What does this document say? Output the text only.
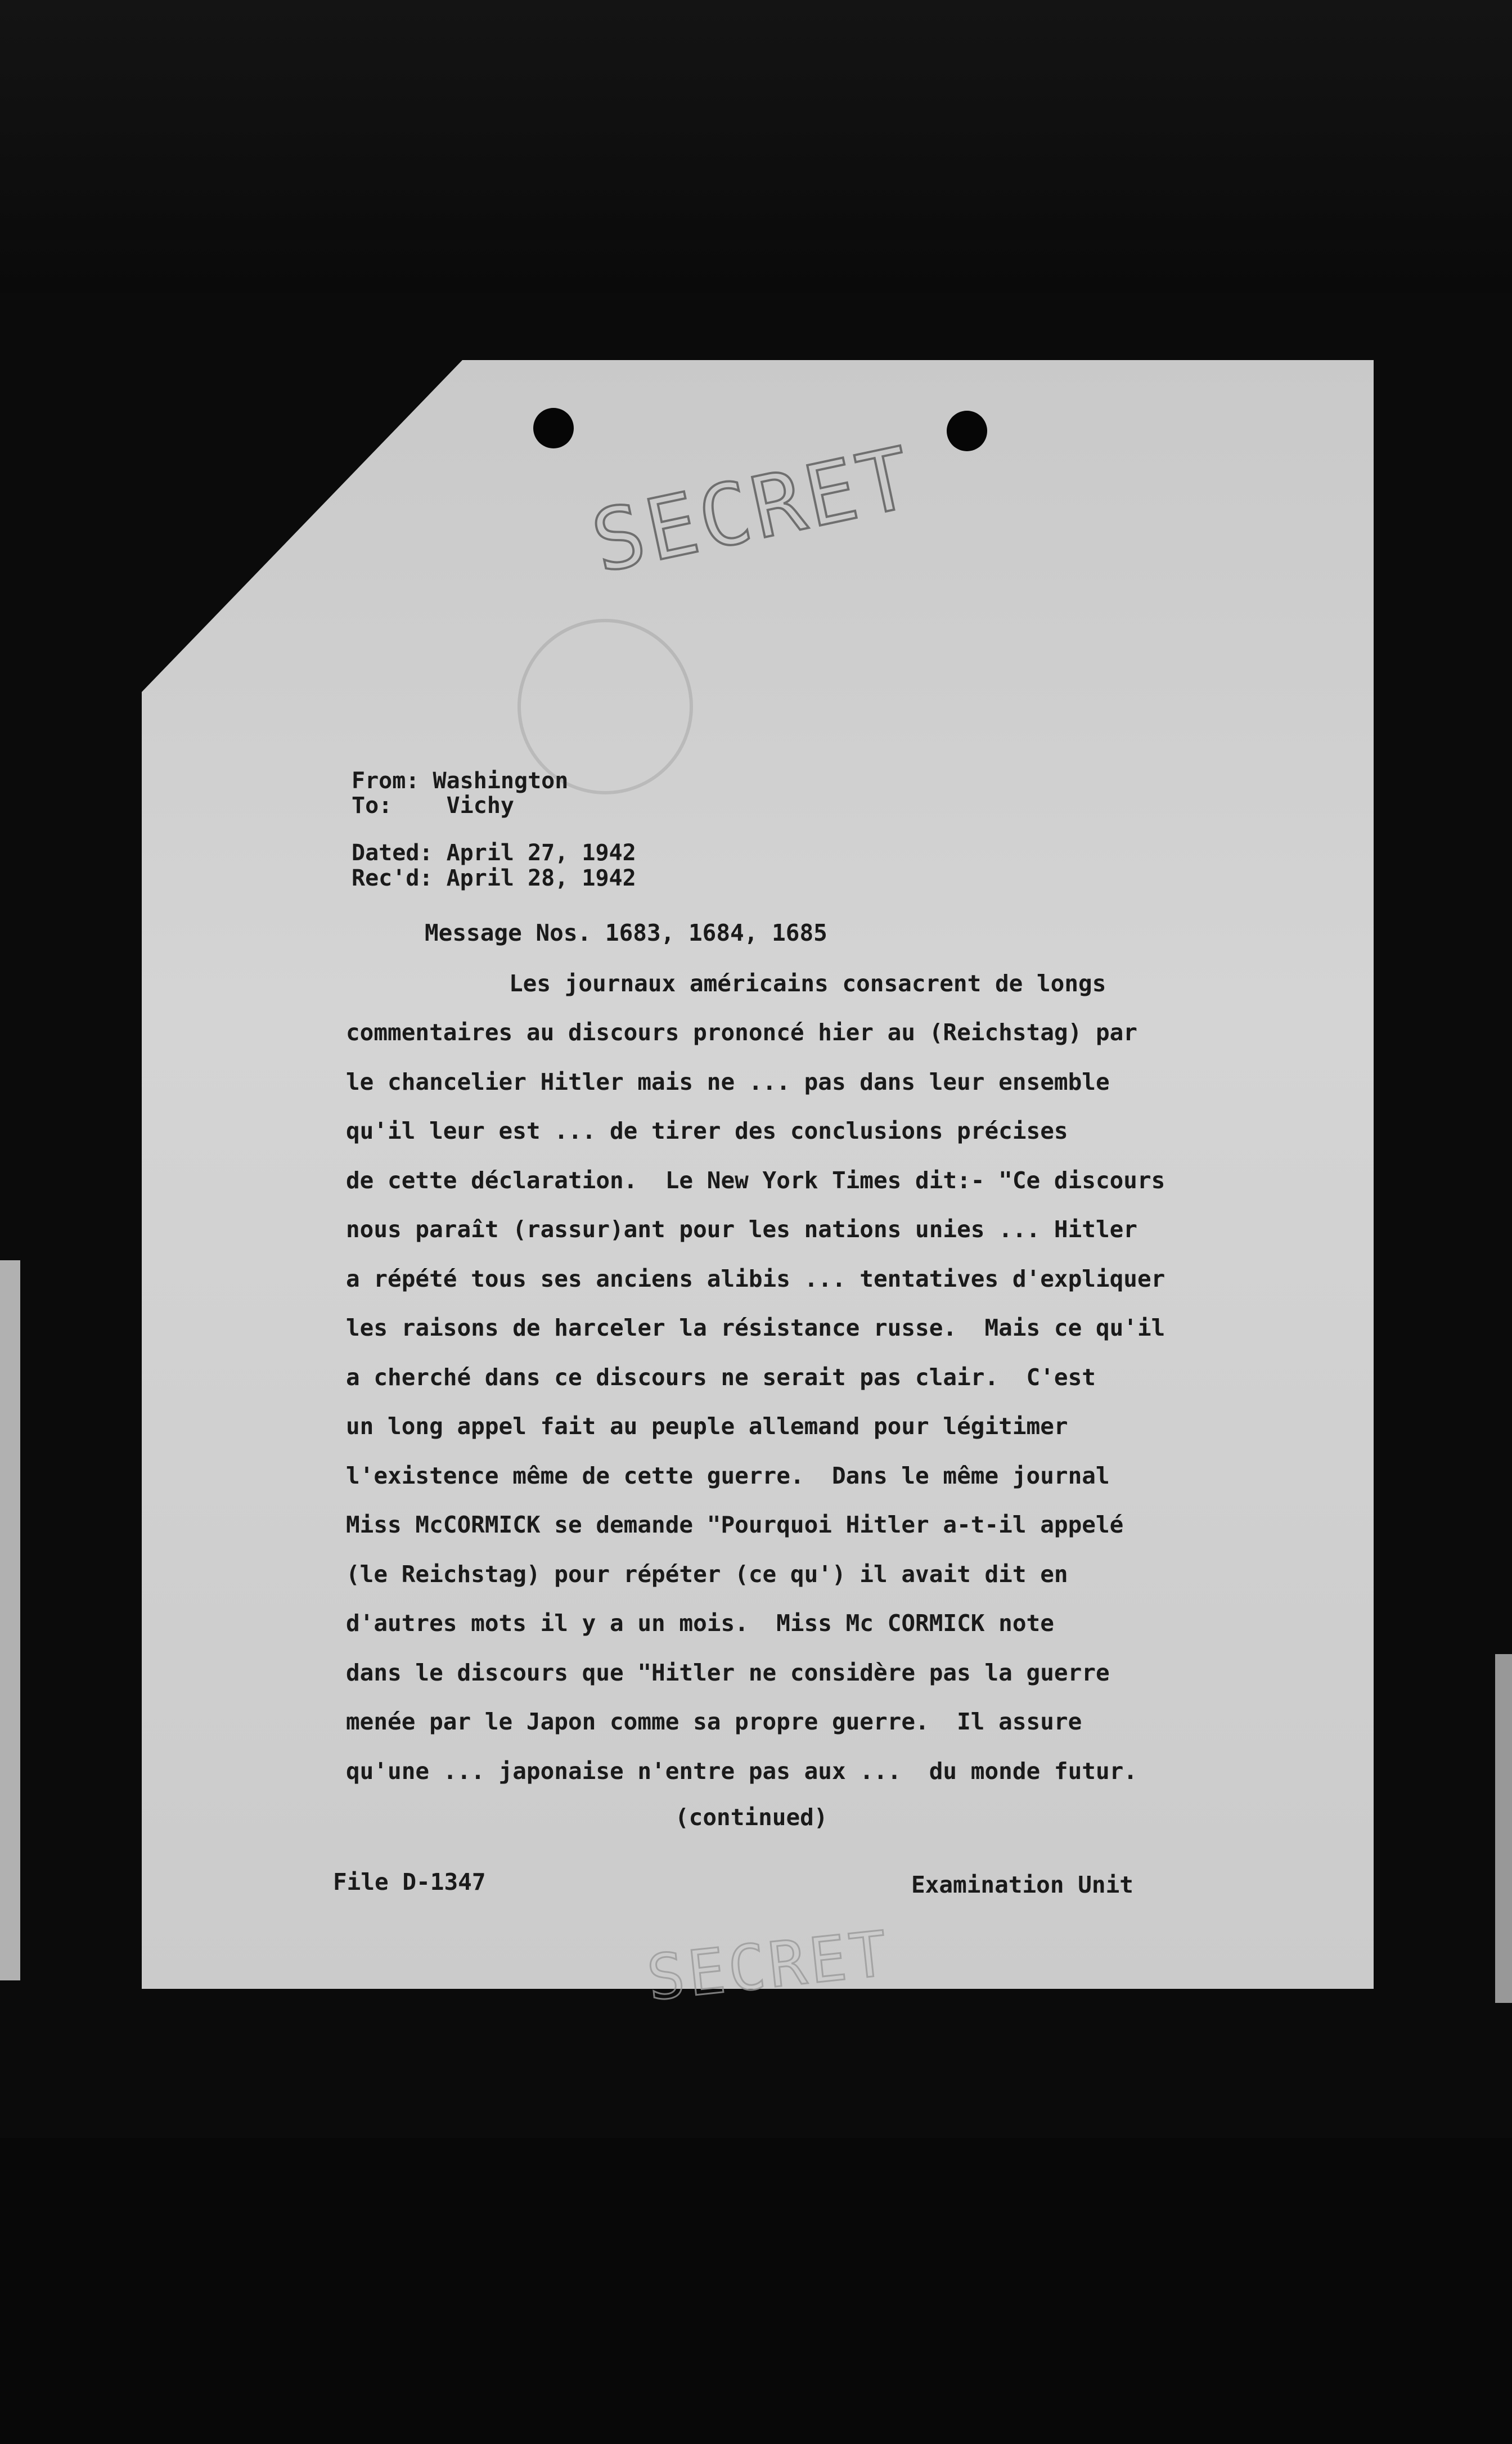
SECRET
From: Washington
To:    Vichy
Dated: April 27, 1942
Rec'd: April 28, 1942
Message Nos. 1683, 1684, 1685
Les journaux américains consacrent de longs
commentaires au discours prononcé hier au (Reichstag) par
le chancelier Hitler mais ne ... pas dans leur ensemble
qu'il leur est ... de tirer des conclusions précises
de cette déclaration.  Le New York Times dit:- "Ce discours
nous paraît (rassur)ant pour les nations unies ... Hitler
a répété tous ses anciens alibis ... tentatives d'expliquer
les raisons de harceler la résistance russe.  Mais ce qu'il
a cherché dans ce discours ne serait pas clair.  C'est
un long appel fait au peuple allemand pour légitimer
l'existence même de cette guerre.  Dans le même journal
Miss McCORMICK se demande "Pourquoi Hitler a-t-il appelé
(le Reichstag) pour répéter (ce qu') il avait dit en
d'autres mots il y a un mois.  Miss Mc CORMICK note
dans le discours que "Hitler ne considère pas la guerre
menée par le Japon comme sa propre guerre.  Il assure
qu'une ... japonaise n'entre pas aux ...  du monde futur.
(continued)
File D-1347	Examination Unit
SECRET
